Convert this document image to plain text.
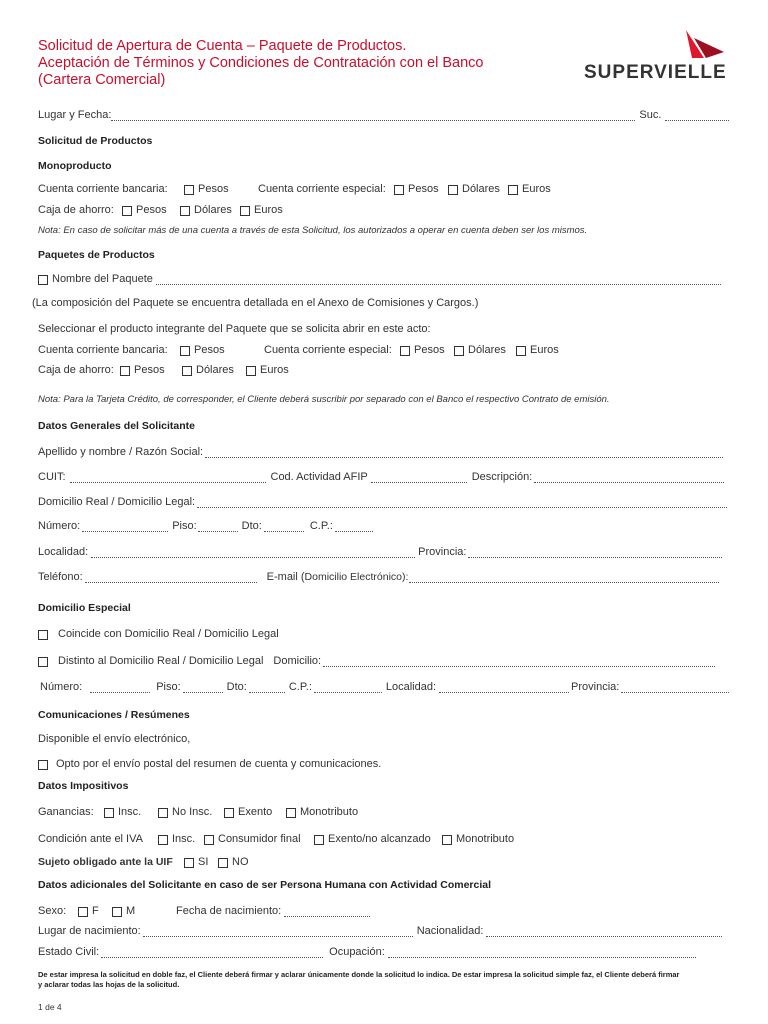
Solicitud de Apertura de Cuenta – Paquete de Productos.
Aceptación de Términos y Condiciones de Contratación con el Banco
(Cartera Comercial)	SUPERVIELLE
Lugar y Fecha:	Suc.
Solicitud de Productos
Monoproducto
Cuenta corriente bancaria:	Pesos	Cuenta corriente especial:	Pesos	Dólares	Euros
Caja de ahorro:	Pesos	Dólares	Euros
Nota: En caso de solicitar más de una cuenta a través de esta Solicitud, los autorizados a operar en cuenta deben ser los mismos.
Paquetes de Productos
Nombre del Paquete
(La composición del Paquete se encuentra detallada en el Anexo de Comisiones y Cargos.)
Seleccionar el producto integrante del Paquete que se solicita abrir en este acto:
Cuenta corriente bancaria:	Pesos	Cuenta corriente especial:	Pesos	Dólares	Euros
Caja de ahorro:	Pesos	Dólares	Euros
Nota: Para la Tarjeta Crédito, de corresponder, el Cliente deberá suscribir por separado con el Banco el respectivo Contrato de emisión.
Datos Generales del Solicitante
Apellido y nombre / Razón Social:
CUIT:	Cod. Actividad AFIP	Descripción:
Domicilio Real / Domicilio Legal:
Número:	Piso:	Dto:	C.P.:
Localidad:	Provincia:
Teléfono:	E-mail ( Domicilio Electrónico):
Domicilio Especial
Coincide con Domicilio Real / Domicilio Legal
Distinto al Domicilio Real / Domicilio Legal Domicilio:
Número:	Piso:	Dto:	C.P.:	Localidad:	Provincia:
Comunicaciones / Resúmenes
Disponible el envío electrónico,
Opto por el envío postal del resumen de cuenta y comunicaciones.
Datos Impositivos
Ganancias:	Insc.	No Insc.	Exento	Monotributo
Condición ante el IVA	Insc.	Consumidor final	Exento/no alcanzado	Monotributo
Sujeto obligado ante la UIF	SI	NO
Datos adicionales del Solicitante en caso de ser Persona Humana con Actividad Comercial
Sexo:	F	M	Fecha de nacimiento:
Lugar de nacimiento:	Nacionalidad:
Estado Civil:	Ocupación:
De estar impresa la solicitud en doble faz, el Cliente deberá firmar y aclarar únicamente donde la solicitud lo indica. De estar impresa la solicitud simple faz, el Cliente deberá firmar
y aclarar todas las hojas de la solicitud.
1 de 4
